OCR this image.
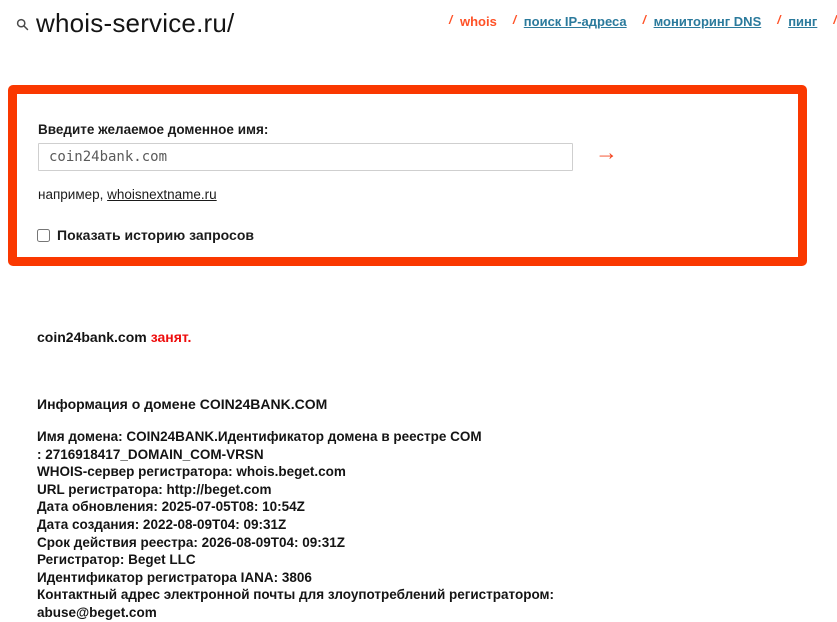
whois-service.ru/	/ whois / поиск IP-адреса / мониторинг DNS / пинг /
Введите желаемое доменное имя:
coin24bank.com
→
например, whoisnextname.ru
Показать историю запросов
coin24bank.com занят.
Информация о домене COIN24BANK.COM
Имя домена: COIN24BANK.Идентификатор домена в реестре COM
: 2716918417_DOMAIN_COM-VRSN
WHOIS-сервер регистратора: whois.beget.com
URL регистратора: http://beget.com
Дата обновления: 2025-07-05T08: 10:54Z
Дата создания: 2022-08-09T04: 09:31Z
Срок действия реестра: 2026-08-09T04: 09:31Z
Регистратор: Beget LLC
Идентификатор регистратора IANA: 3806
Контактный адрес электронной почты для злоупотреблений регистратором:
abuse@beget.com
